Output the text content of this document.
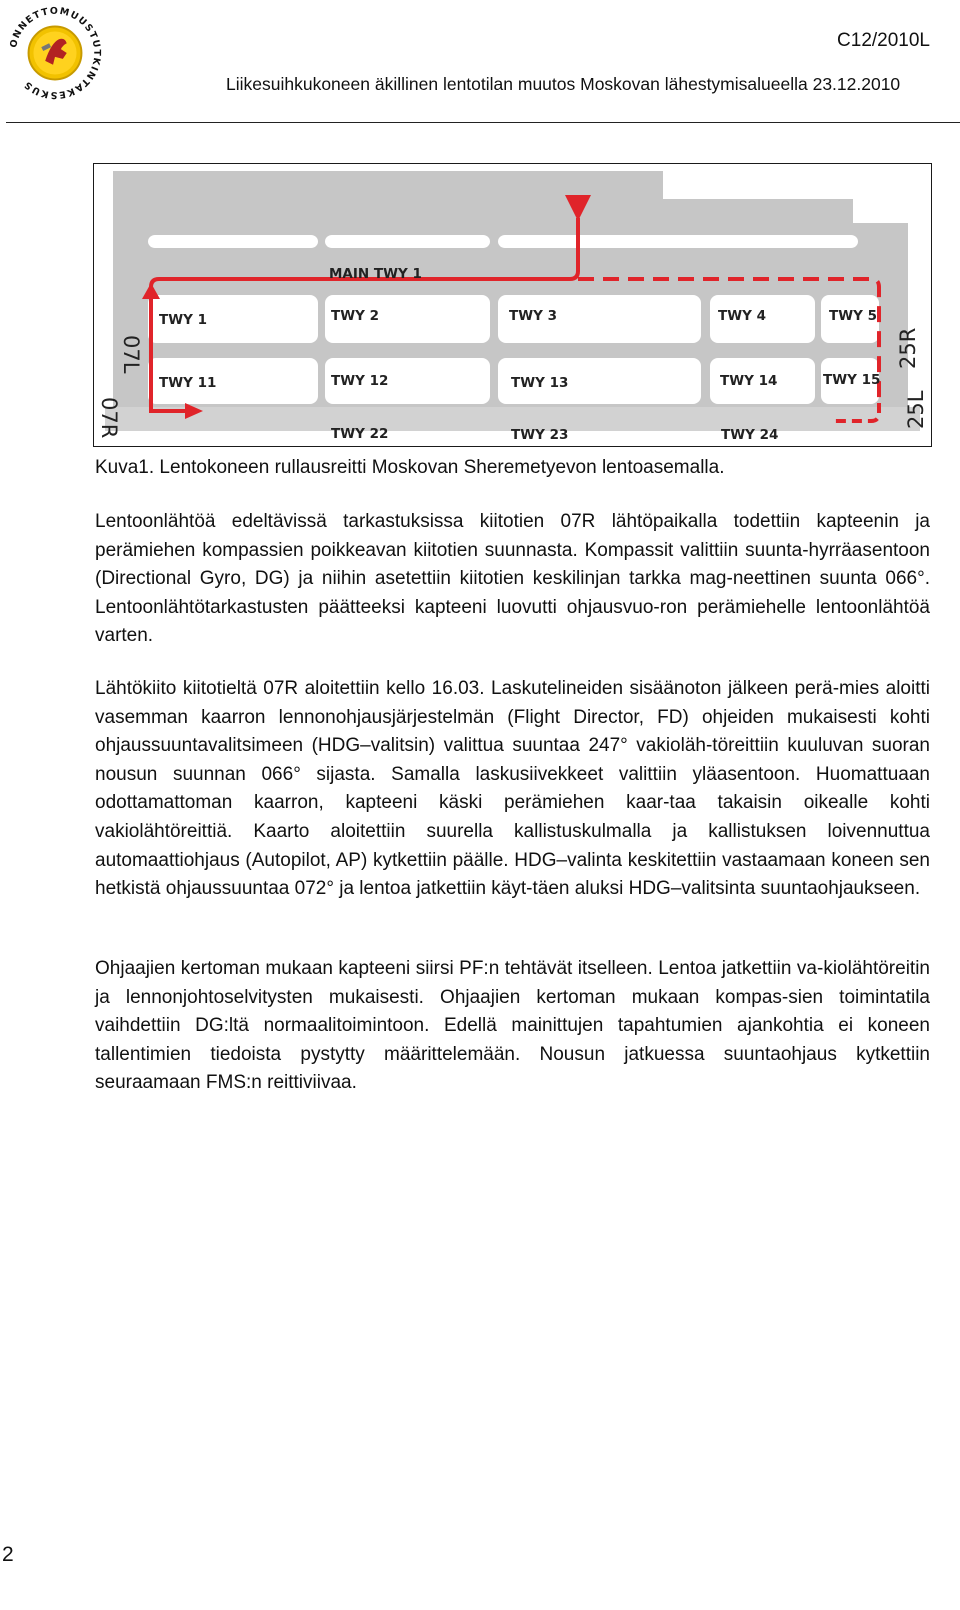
ONNETTOMUUSTUTKINTAKESKUS
C12/2010L
Liikesuihkukoneen äkillinen lentotilan muutos Moskovan lähestymisalueella 23.12.2010
MAIN TWY 1
TWY 1	TWY 2	TWY 3	TWY 4	TWY 5
TWY 11	TWY 12	TWY 13	TWY 14	TWY 15
TWY 22	TWY 23	TWY 24
07L
07R
25R
25L
Kuva1. Lentokoneen rullausreitti Moskovan Sheremetyevon lentoasemalla.

Lentoonlähtöä edeltävissä tarkastuksissa kiitotien 07R lähtöpaikalla todettiin kapteenin ja perämiehen kompassien poikkeavan kiitotien suunnasta. Kompassit valittiin suunta-hyrräasentoon (Directional Gyro, DG) ja niihin asetettiin kiitotien keskilinjan tarkka mag-neettinen suunta 066°. Lentoonlähtötarkastusten päätteeksi kapteeni luovutti ohjausvuo-ron perämiehelle lentoonlähtöä varten.

Lähtökiito kiitotieltä 07R aloitettiin kello 16.03. Laskutelineiden sisäänoton jälkeen perä-mies aloitti vasemman kaarron lennonohjausjärjestelmän (Flight Director, FD) ohjeiden mukaisesti kohti ohjaussuuntavalitsimeen (HDG–valitsin) valittua suuntaa 247° vakioläh-töreittiin kuuluvan suoran nousun suunnan 066° sijasta. Samalla laskusiivekkeet valittiin yläasentoon. Huomattuaan odottamattoman kaarron, kapteeni käski perämiehen kaar-taa takaisin oikealle kohti vakiolähtöreittiä. Kaarto aloitettiin suurella kallistuskulmalla ja kallistuksen loivennuttua automaattiohjaus (Autopilot, AP) kytkettiin päälle. HDG–valinta keskitettiin vastaamaan koneen sen hetkistä ohjaussuuntaa 072° ja lentoa jatkettiin käyt-täen aluksi HDG–valitsinta suuntaohjaukseen.

Ohjaajien kertoman mukaan kapteeni siirsi PF:n tehtävät itselleen. Lentoa jatkettiin va-kiolähtöreitin ja lennonjohtoselvitysten mukaisesti. Ohjaajien kertoman mukaan kompas-sien toimintatila vaihdettiin DG:ltä normaalitoimintoon. Edellä mainittujen tapahtumien ajankohtia ei koneen tallentimien tiedoista pystytty määrittelemään. Nousun jatkuessa suuntaohjaus kytkettiin seuraamaan FMS:n reittiviivaa.

2
